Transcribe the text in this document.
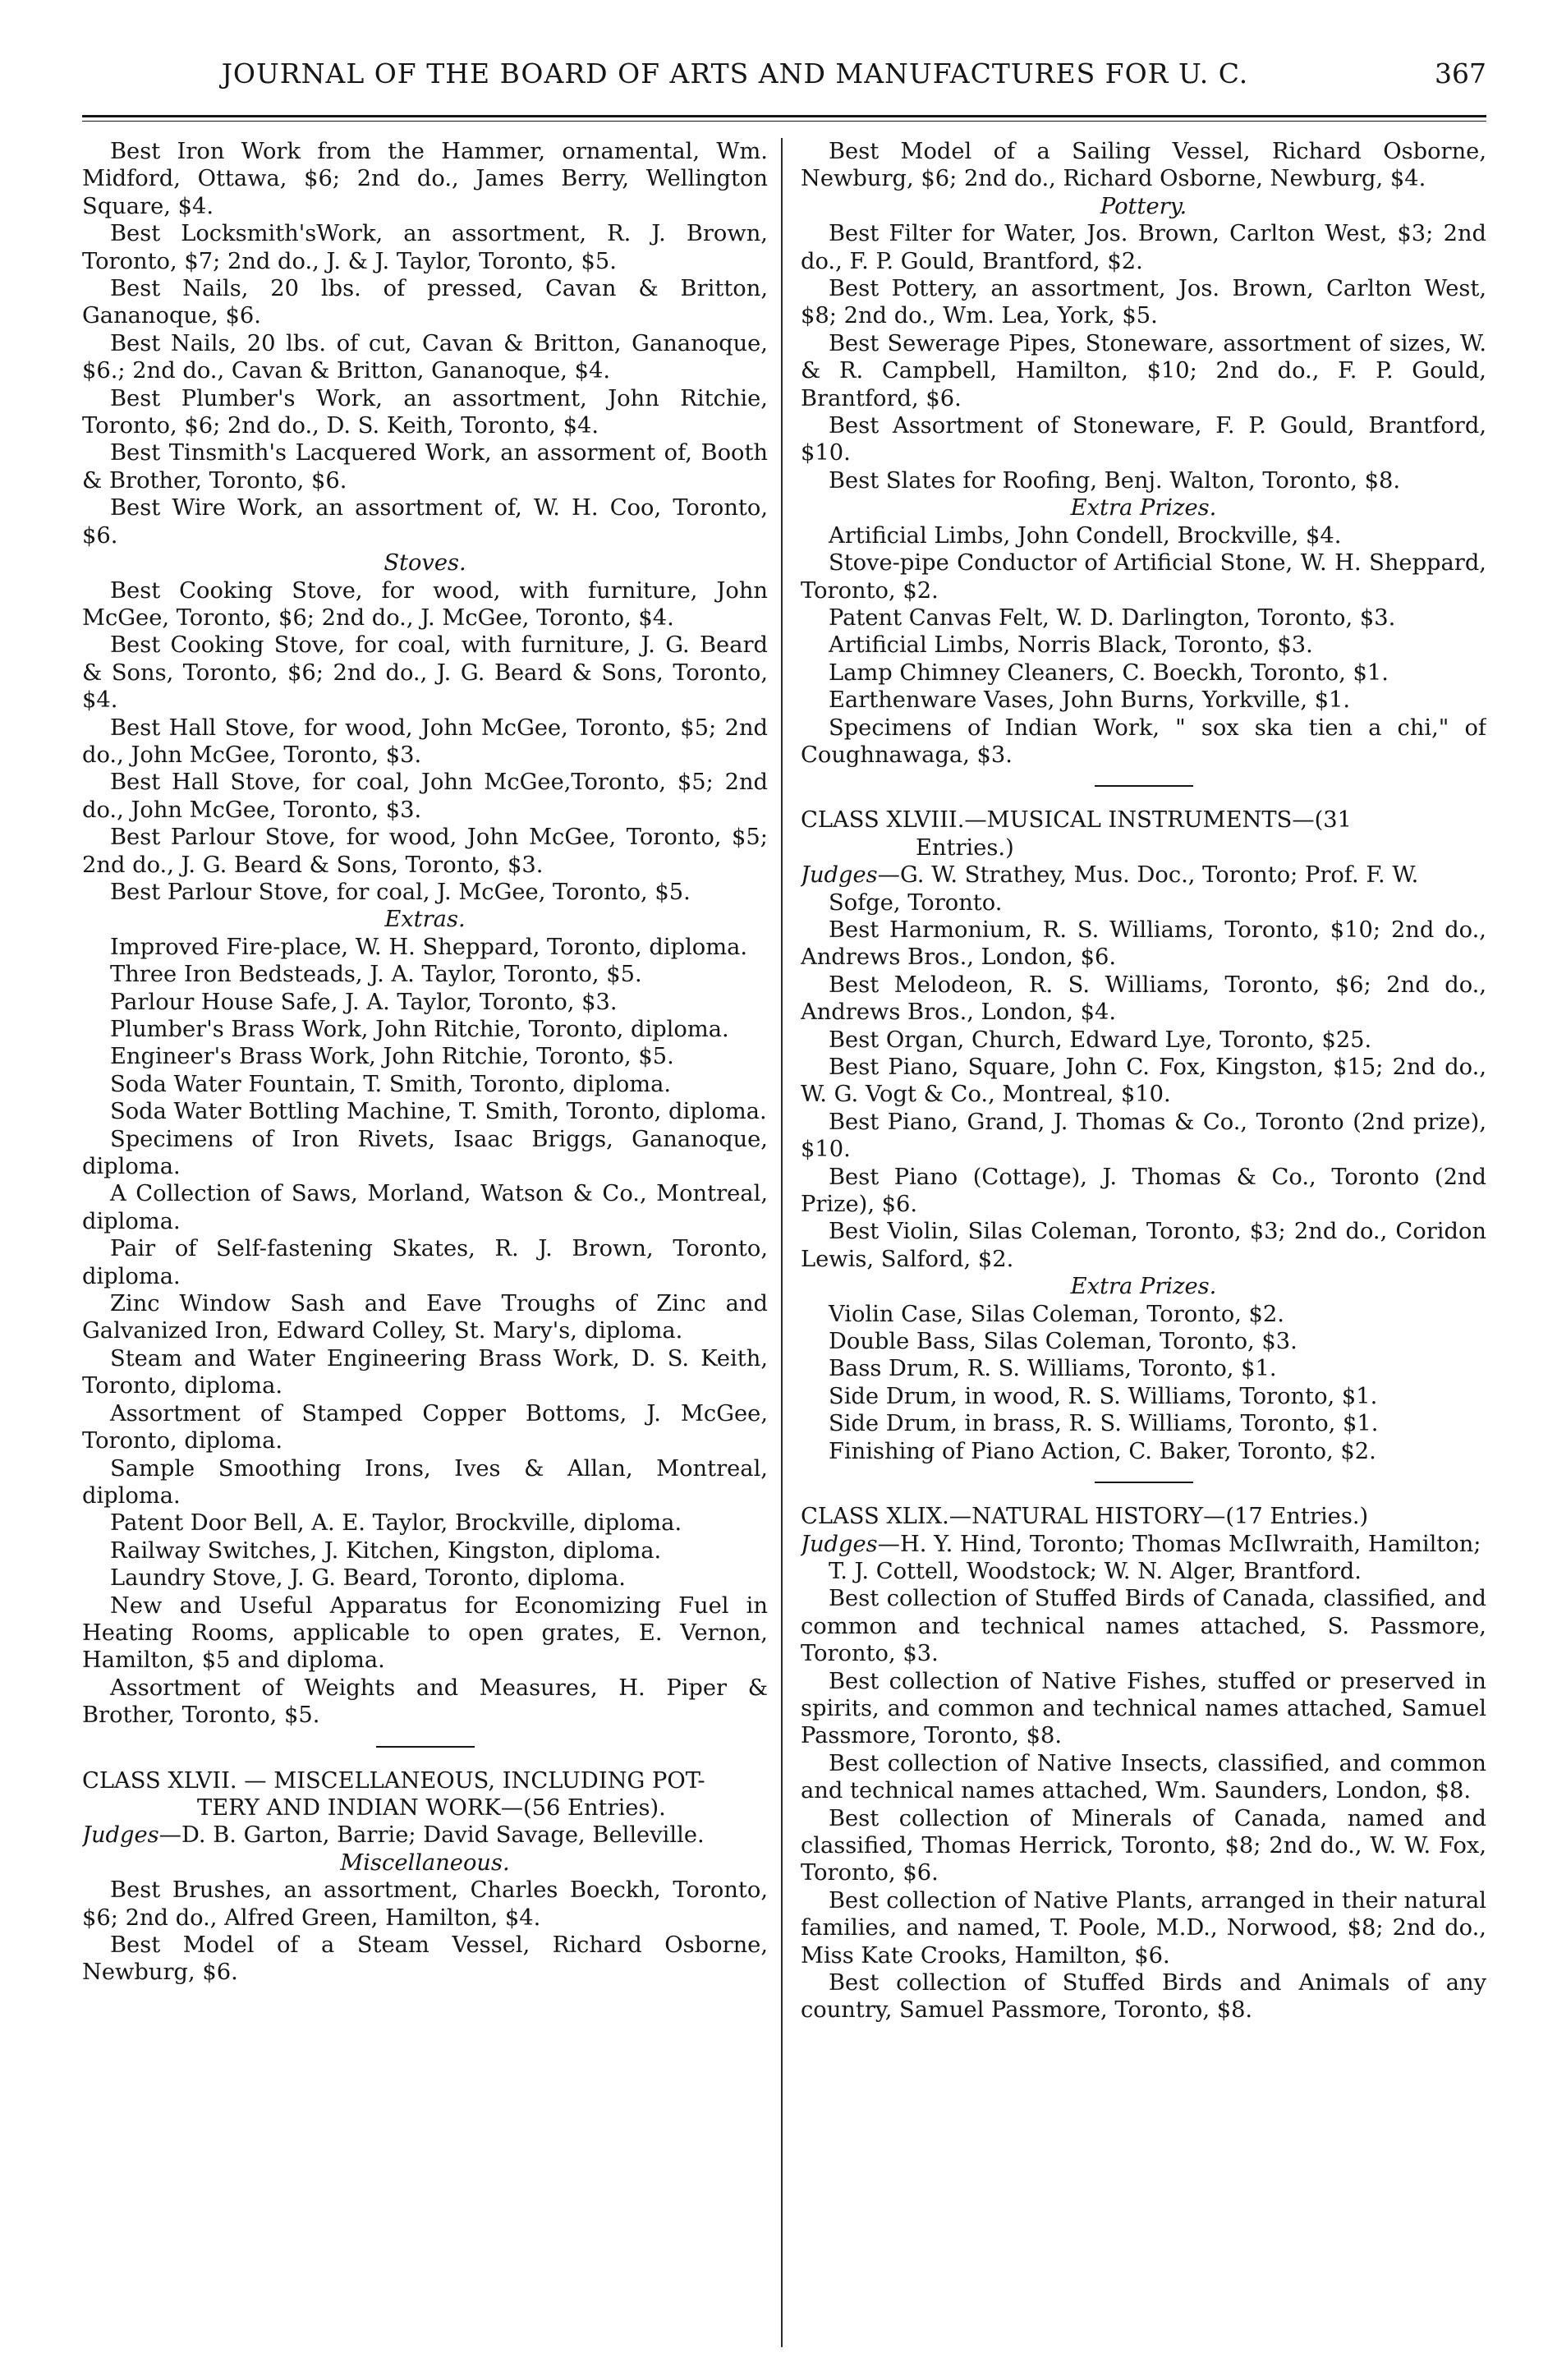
JOURNAL OF THE BOARD OF ARTS AND MANUFACTURES FOR U. C.	367

Best Iron Work from the Hammer, ornamental, Wm. Midford, Ottawa, $6; 2nd do., James Berry, Wellington Square, $4.

Best Locksmith'sWork, an assortment, R. J. Brown, Toronto, $7; 2nd do., J. & J. Taylor, Toronto, $5.

Best Nails, 20 lbs. of pressed, Cavan & Britton, Gananoque, $6.

Best Nails, 20 lbs. of cut, Cavan & Britton, Gananoque, $6.; 2nd do., Cavan & Britton, Gananoque, $4.

Best Plumber's Work, an assortment, John Ritchie, Toronto, $6; 2nd do., D. S. Keith, Toronto, $4.

Best Tinsmith's Lacquered Work, an assorment of, Booth & Brother, Toronto, $6.

Best Wire Work, an assortment of, W. H. Coo, Toronto, $6.

Stoves.

Best Cooking Stove, for wood, with furniture, John McGee, Toronto, $6; 2nd do., J. McGee, Toronto, $4.

Best Cooking Stove, for coal, with furniture, J. G. Beard & Sons, Toronto, $6; 2nd do., J. G. Beard & Sons, Toronto, $4.

Best Hall Stove, for wood, John McGee, Toronto, $5; 2nd do., John McGee, Toronto, $3.

Best Hall Stove, for coal, John McGee,Toronto, $5; 2nd do., John McGee, Toronto, $3.

Best Parlour Stove, for wood, John McGee, Toronto, $5; 2nd do., J. G. Beard & Sons, Toronto, $3.

Best Parlour Stove, for coal, J. McGee, Toronto, $5.

Extras.

Improved Fire-place, W. H. Sheppard, Toronto, diploma.

Three Iron Bedsteads, J. A. Taylor, Toronto, $5.

Parlour House Safe, J. A. Taylor, Toronto, $3.

Plumber's Brass Work, John Ritchie, Toronto, diploma.

Engineer's Brass Work, John Ritchie, Toronto, $5.

Soda Water Fountain, T. Smith, Toronto, diploma.

Soda Water Bottling Machine, T. Smith, Toronto, diploma.

Specimens of Iron Rivets, Isaac Briggs, Gananoque, diploma.

A Collection of Saws, Morland, Watson & Co., Montreal, diploma.

Pair of Self-fastening Skates, R. J. Brown, Toronto, diploma.

Zinc Window Sash and Eave Troughs of Zinc and Galvanized Iron, Edward Colley, St. Mary's, diploma.

Steam and Water Engineering Brass Work, D. S. Keith, Toronto, diploma.

Assortment of Stamped Copper Bottoms, J. McGee, Toronto, diploma.

Sample Smoothing Irons, Ives & Allan, Montreal, diploma.

Patent Door Bell, A. E. Taylor, Brockville, diploma.

Railway Switches, J. Kitchen, Kingston, diploma.

Laundry Stove, J. G. Beard, Toronto, diploma.

New and Useful Apparatus for Economizing Fuel in Heating Rooms, applicable to open grates, E. Vernon, Hamilton, $5 and diploma.

Assortment of Weights and Measures, H. Piper & Brother, Toronto, $5.

CLASS XLVII. — MISCELLANEOUS, INCLUDING POT-
TERY AND INDIAN WORK—(56 Entries).

Judges—D. B. Garton, Barrie; David Savage, Belleville.

Miscellaneous.

Best Brushes, an assortment, Charles Boeckh, Toronto, $6; 2nd do., Alfred Green, Hamilton, $4.

Best Model of a Steam Vessel, Richard Osborne, Newburg, $6.

Best Model of a Sailing Vessel, Richard Osborne, Newburg, $6; 2nd do., Richard Osborne, Newburg, $4.

Pottery.

Best Filter for Water, Jos. Brown, Carlton West, $3; 2nd do., F. P. Gould, Brantford, $2.

Best Pottery, an assortment, Jos. Brown, Carlton West, $8; 2nd do., Wm. Lea, York, $5.

Best Sewerage Pipes, Stoneware, assortment of sizes, W. & R. Campbell, Hamilton, $10; 2nd do., F. P. Gould, Brantford, $6.

Best Assortment of Stoneware, F. P. Gould, Brantford, $10.

Best Slates for Roofing, Benj. Walton, Toronto, $8.

Extra Prizes.

Artificial Limbs, John Condell, Brockville, $4.

Stove-pipe Conductor of Artificial Stone, W. H. Sheppard, Toronto, $2.

Patent Canvas Felt, W. D. Darlington, Toronto, $3.

Artificial Limbs, Norris Black, Toronto, $3.

Lamp Chimney Cleaners, C. Boeckh, Toronto, $1.

Earthenware Vases, John Burns, Yorkville, $1.

Specimens of Indian Work, " sox ska tien a chi," of Coughnawaga, $3.

CLASS XLVIII.—MUSICAL INSTRUMENTS—(31
Entries.)

Judges—G. W. Strathey, Mus. Doc., Toronto; Prof. F. W. Sofge, Toronto.

Best Harmonium, R. S. Williams, Toronto, $10; 2nd do., Andrews Bros., London, $6.

Best Melodeon, R. S. Williams, Toronto, $6; 2nd do., Andrews Bros., London, $4.

Best Organ, Church, Edward Lye, Toronto, $25.

Best Piano, Square, John C. Fox, Kingston, $15; 2nd do., W. G. Vogt & Co., Montreal, $10.

Best Piano, Grand, J. Thomas & Co., Toronto (2nd prize), $10.

Best Piano (Cottage), J. Thomas & Co., Toronto (2nd Prize), $6.

Best Violin, Silas Coleman, Toronto, $3; 2nd do., Coridon Lewis, Salford, $2.

Extra Prizes.

Violin Case, Silas Coleman, Toronto, $2.

Double Bass, Silas Coleman, Toronto, $3.

Bass Drum, R. S. Williams, Toronto, $1.

Side Drum, in wood, R. S. Williams, Toronto, $1.

Side Drum, in brass, R. S. Williams, Toronto, $1.

Finishing of Piano Action, C. Baker, Toronto, $2.

CLASS XLIX.—NATURAL HISTORY—(17 Entries.)

Judges—H. Y. Hind, Toronto; Thomas McIlwraith, Hamilton; T. J. Cottell, Woodstock; W. N. Alger, Brantford.

Best collection of Stuffed Birds of Canada, classified, and common and technical names attached, S. Passmore, Toronto, $3.

Best collection of Native Fishes, stuffed or preserved in spirits, and common and technical names attached, Samuel Passmore, Toronto, $8.

Best collection of Native Insects, classified, and common and technical names attached, Wm. Saunders, London, $8.

Best collection of Minerals of Canada, named and classified, Thomas Herrick, Toronto, $8; 2nd do., W. W. Fox, Toronto, $6.

Best collection of Native Plants, arranged in their natural families, and named, T. Poole, M.D., Norwood, $8; 2nd do., Miss Kate Crooks, Hamilton, $6.

Best collection of Stuffed Birds and Animals of any country, Samuel Passmore, Toronto, $8.
